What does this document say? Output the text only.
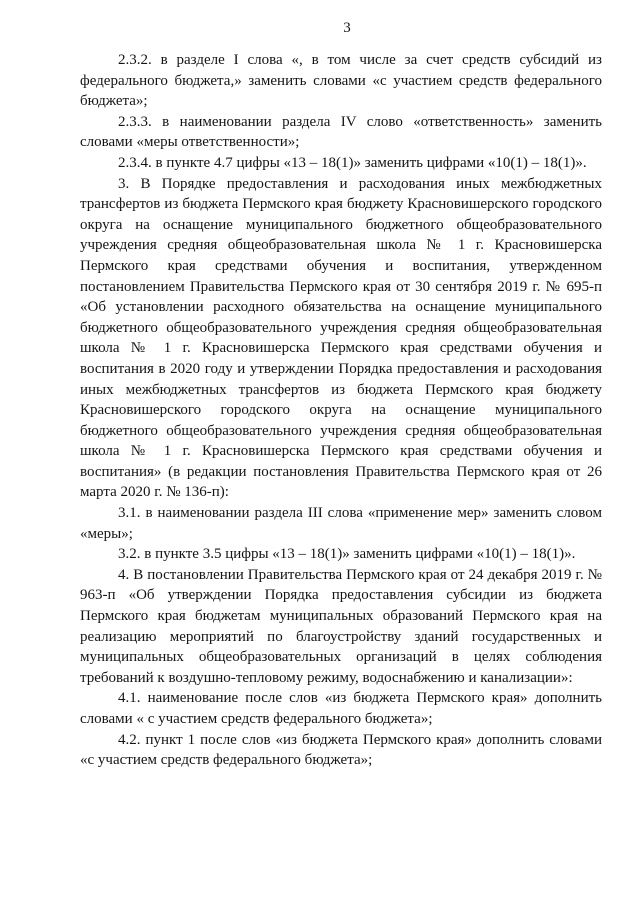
3

2.3.2. в разделе I слова «, в том числе за счет средств субсидий из федерального бюджета,» заменить словами «с участием средств федерального бюджета»;

2.3.3. в наименовании раздела IV слово «ответственность» заменить словами «меры ответственности»;

2.3.4. в пункте 4.7 цифры «13 – 18(1)» заменить цифрами «10(1) – 18(1)».

3. В Порядке предоставления и расходования иных межбюджетных трансфертов из бюджета Пермского края бюджету Красновишерского городского округа на оснащение муниципального бюджетного общеобразовательного учреждения средняя общеобразовательная школа № 1 г. Красновишерска Пермского края средствами обучения и воспитания, утвержденном постановлением Правительства Пермского края от 30 сентября 2019 г. № 695-п «Об установлении расходного обязательства на оснащение муниципального бюджетного общеобразовательного учреждения средняя общеобразовательная школа № 1 г. Красновишерска Пермского края средствами обучения и воспитания в 2020 году и утверждении Порядка предоставления и расходования иных межбюджетных трансфертов из бюджета Пермского края бюджету Красновишерского городского округа на оснащение муниципального бюджетного общеобразовательного учреждения средняя общеобразовательная школа № 1 г. Красновишерска Пермского края средствами обучения и воспитания» (в редакции постановления Правительства Пермского края от 26 марта 2020 г. № 136-п):

3.1. в наименовании раздела III слова «применение мер» заменить словом «меры»;

3.2. в пункте 3.5 цифры «13 – 18(1)» заменить цифрами «10(1) – 18(1)».

4. В постановлении Правительства Пермского края от 24 декабря 2019 г. № 963-п «Об утверждении Порядка предоставления субсидии из бюджета Пермского края бюджетам муниципальных образований Пермского края на реализацию мероприятий по благоустройству зданий государственных и муниципальных общеобразовательных организаций в целях соблюдения требований к воздушно-тепловому режиму, водоснабжению и канализации»:

4.1. наименование после слов «из бюджета Пермского края» дополнить словами « с участием средств федерального бюджета»;

4.2. пункт 1 после слов «из бюджета Пермского края» дополнить словами «с участием средств федерального бюджета»;
